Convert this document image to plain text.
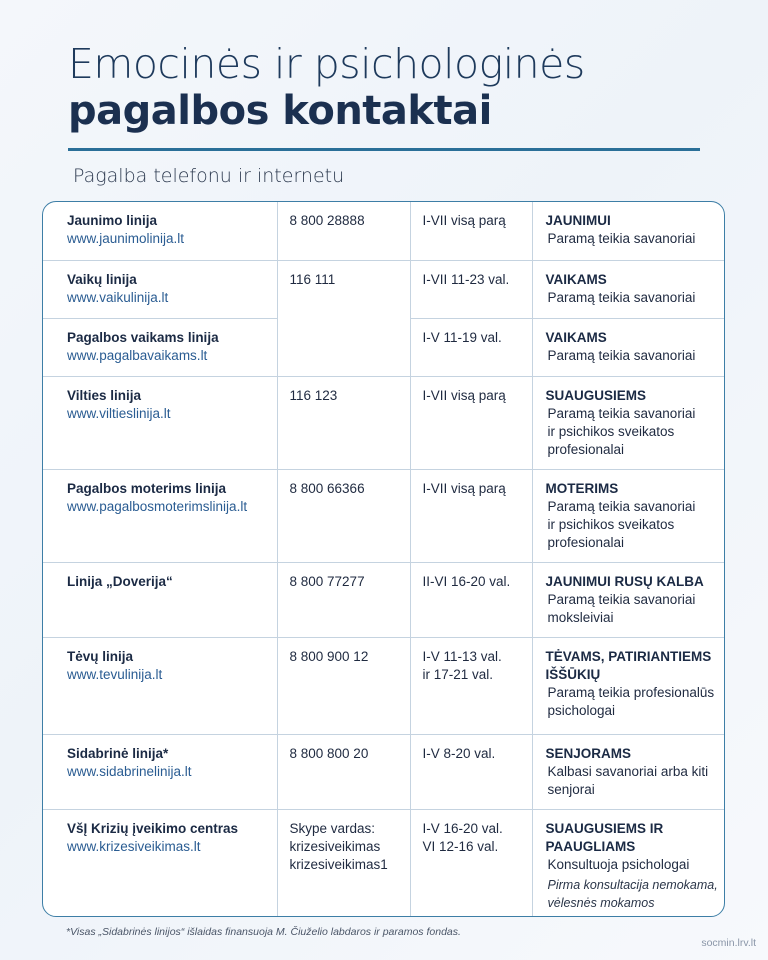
Emocinės ir psichologinės
pagalbos kontaktai
Pagalba telefonu ir internetu
Jaunimo linija
www.jaunimolinija.lt	8 800 28888	I-VII visą parą	JAUNIMUI
Paramą teikia savanoriai

Vaikų linija
www.vaikulinija.lt	116 111	I-VII 11-23 val.	VAIKAMS
Paramą teikia savanoriai

Pagalbos vaikams linija
www.pagalbavaikams.lt		I-V 11-19 val.	VAIKAMS
Paramą teikia savanoriai

Vilties linija
www.viltieslinija.lt	116 123	I-VII visą parą	SUAUGUSIEMS
Paramą teikia savanoriai
ir psichikos sveikatos
profesionalai

Pagalbos moterims linija
www.pagalbosmoterimslinija.lt	8 800 66366	I-VII visą parą	MOTERIMS
Paramą teikia savanoriai
ir psichikos sveikatos
profesionalai

Linija „Doverija“	8 800 77277	II-VI 16-20 val.	JAUNIMUI RUSŲ KALBA
Paramą teikia savanoriai
moksleiviai

Tėvų linija
www.tevulinija.lt	8 800 900 12	I-V 11-13 val.
ir 17-21 val.	TĖVAMS, PATIRIANTIEMS
IŠŠŪKIŲ
Paramą teikia profesionalūs
psichologai

Sidabrinė linija*
www.sidabrinelinija.lt	8 800 800 20	I-V 8-20 val.	SENJORAMS
Kalbasi savanoriai arba kiti
senjorai

VšĮ Krizių įveikimo centras
www.krizesiveikimas.lt	Skype vardas:
krizesiveikimas
krizesiveikimas1	I-V 16-20 val.
VI 12-16 val.	SUAUGUSIEMS IR
PAAUGLIAMS
Konsultuoja psichologai
Pirma konsultacija nemokama,
vėlesnės mokamos
*Visas „Sidabrinės linijos“ išlaidas finansuoja M. Čiuželio labdaros ir paramos fondas.
socmin.lrv.lt
